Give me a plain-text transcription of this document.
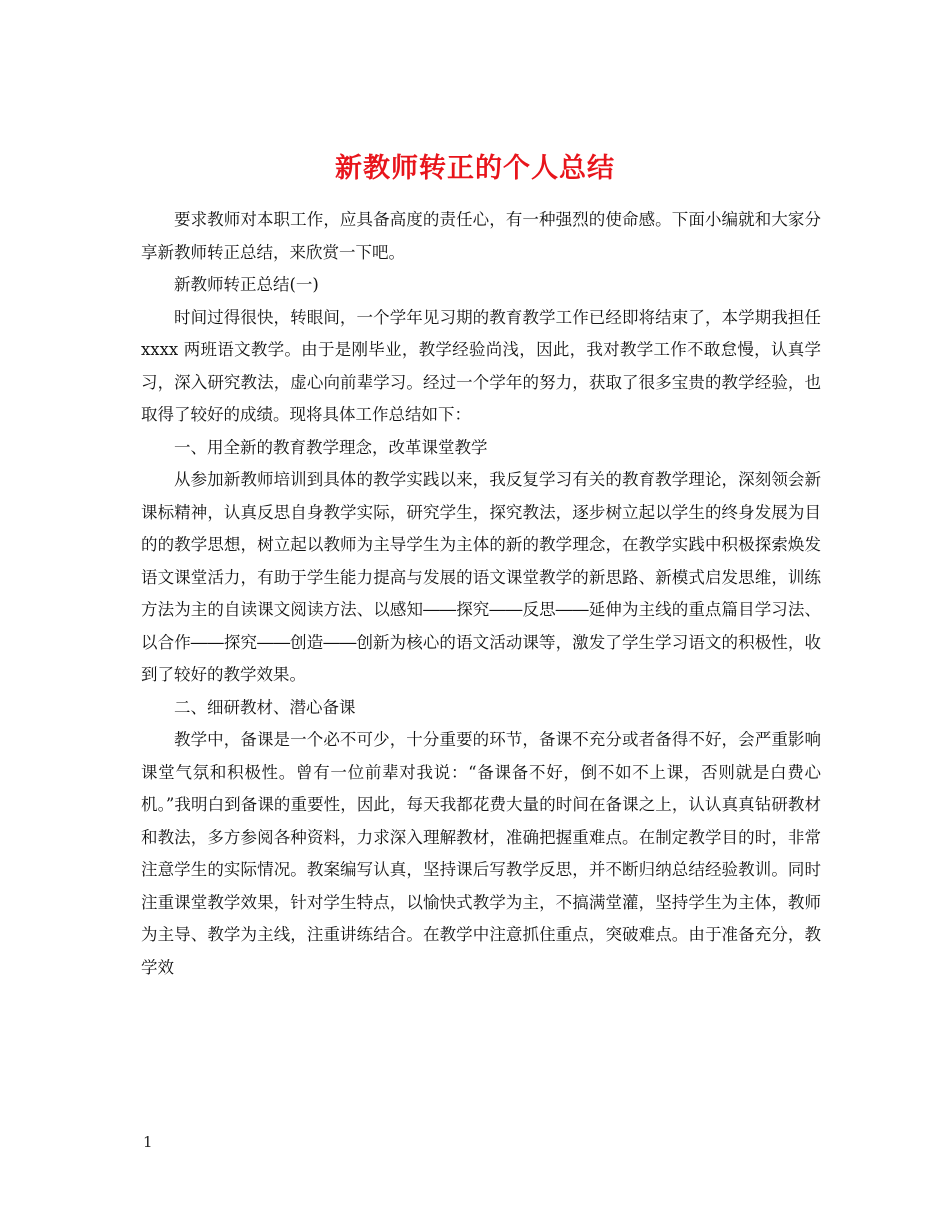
新教师转正的个人总结

要求教师对本职工作，应具备高度的责任心，有一种强烈的使命感。下面小编就和大家分享新教师转正总结，来欣赏一下吧。

新教师转正总结(一)

时间过得很快，转眼间，一个学年见习期的教育教学工作已经即将结束了，本学期我担任 xxxx 两班语文教学。由于是刚毕业，教学经验尚浅，因此，我对教学工作不敢怠慢，认真学习，深入研究教法，虚心向前辈学习。经过一个学年的努力，获取了很多宝贵的教学经验，也取得了较好的成绩。现将具体工作总结如下：

一、用全新的教育教学理念，改革课堂教学

从参加新教师培训到具体的教学实践以来，我反复学习有关的教育教学理论，深刻领会新课标精神，认真反思自身教学实际，研究学生，探究教法，逐步树立起以学生的终身发展为目的的教学思想，树立起以教师为主导学生为主体的新的教学理念，在教学实践中积极探索焕发语文课堂活力，有助于学生能力提高与发展的语文课堂教学的新思路、新模式启发思维，训练方法为主的自读课文阅读方法、以感知――探究――反思――延伸为主线的重点篇目学习法、以合作――探究――创造――创新为核心的语文活动课等，激发了学生学习语文的积极性，收到了较好的教学效果。

二、细研教材、潜心备课

教学中，备课是一个必不可少，十分重要的环节，备课不充分或者备得不好，会严重影响课堂气氛和积极性。曾有一位前辈对我说：“备课备不好，倒不如不上课，否则就是白费心机。”我明白到备课的重要性，因此，每天我都花费大量的时间在备课之上，认认真真钻研教材和教法，多方参阅各种资料，力求深入理解教材，准确把握重难点。在制定教学目的时，非常注意学生的实际情况。教案编写认真，坚持课后写教学反思，并不断归纳总结经验教训。同时注重课堂教学效果，针对学生特点，以愉快式教学为主，不搞满堂灌，坚持学生为主体，教师为主导、教学为主线，注重讲练结合。在教学中注意抓住重点，突破难点。由于准备充分，教学效

1
